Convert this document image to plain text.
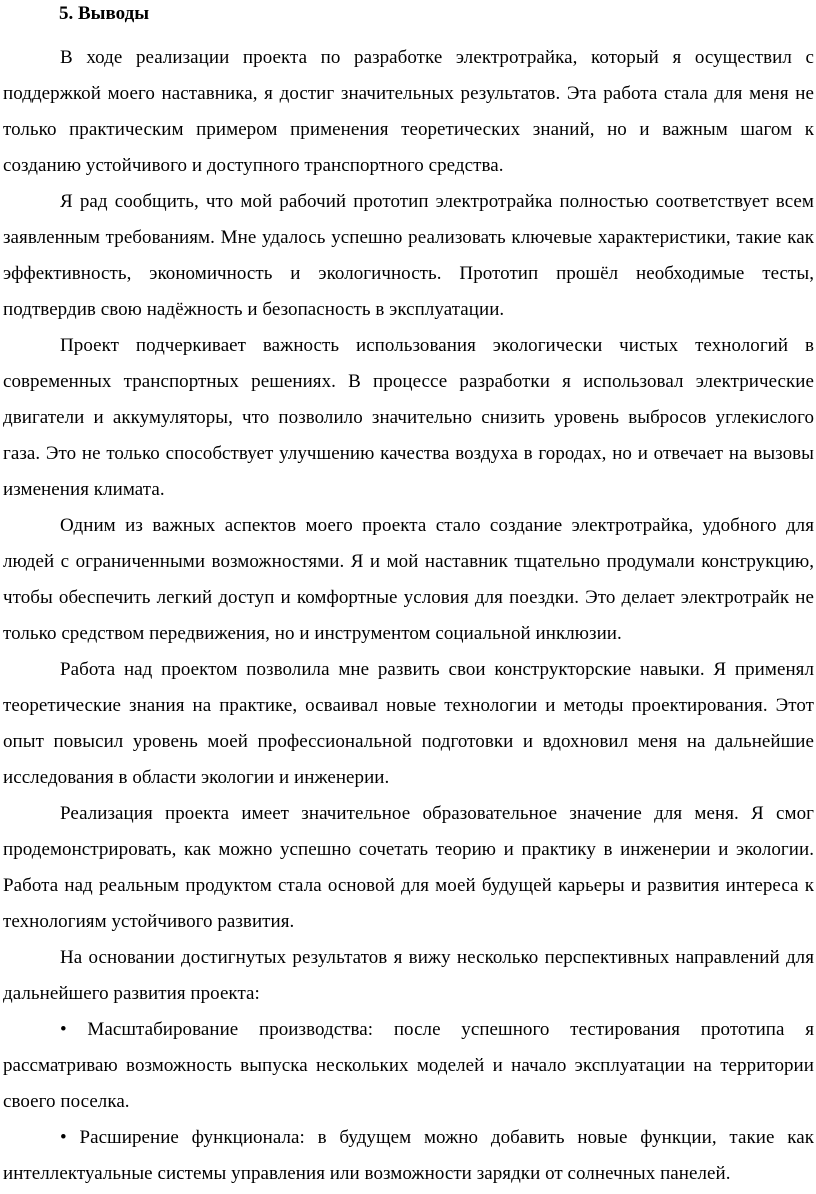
5. Выводы

В ходе реализации проекта по разработке электротрайка, который я осуществил с поддержкой моего наставника, я достиг значительных результатов. Эта работа стала для меня не только практическим примером применения теоретических знаний, но и важным шагом к созданию устойчивого и доступного транспортного средства.

Я рад сообщить, что мой рабочий прототип электротрайка полностью соответствует всем заявленным требованиям. Мне удалось успешно реализовать ключевые характеристики, такие как эффективность, экономичность и экологичность. Прототип прошёл необходимые тесты, подтвердив свою надёжность и безопасность в эксплуатации.

Проект подчеркивает важность использования экологически чистых технологий в современных транспортных решениях. В процессе разработки я использовал электрические двигатели и аккумуляторы, что позволило значительно снизить уровень выбросов углекислого газа. Это не только способствует улучшению качества воздуха в городах, но и отвечает на вызовы изменения климата.

Одним из важных аспектов моего проекта стало создание электротрайка, удобного для людей с ограниченными возможностями. Я и мой наставник тщательно продумали конструкцию, чтобы обеспечить легкий доступ и комфортные условия для поездки. Это делает электротрайк не только средством передвижения, но и инструментом социальной инклюзии.

Работа над проектом позволила мне развить свои конструкторские навыки. Я применял теоретические знания на практике, осваивал новые технологии и методы проектирования. Этот опыт повысил уровень моей профессиональной подготовки и вдохновил меня на дальнейшие исследования в области экологии и инженерии.

Реализация проекта имеет значительное образовательное значение для меня. Я смог продемонстрировать, как можно успешно сочетать теорию и практику в инженерии и экологии. Работа над реальным продуктом стала основой для моей будущей карьеры и развития интереса к технологиям устойчивого развития.

На основании достигнутых результатов я вижу несколько перспективных направлений для дальнейшего развития проекта:

• Масштабирование производства: после успешного тестирования прототипа я рассматриваю возможность выпуска нескольких моделей и начало эксплуатации на территории своего поселка.

• Расширение функционала: в будущем можно добавить новые функции, такие как интеллектуальные системы управления или возможности зарядки от солнечных панелей.
